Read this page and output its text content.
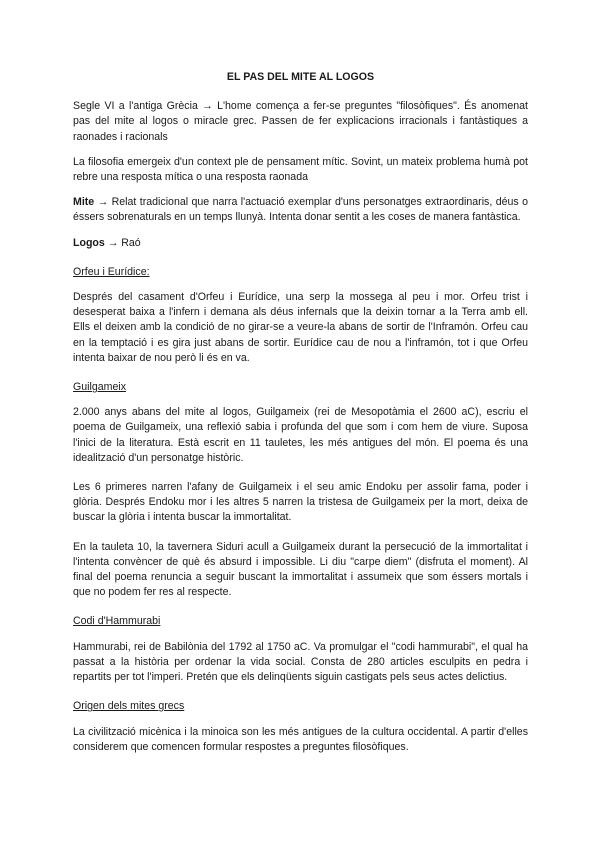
EL PAS DEL MITE AL LOGOS

Segle VI a l'antiga Grècia → L'home comença a fer-se preguntes "filosòfiques". És anomenat pas del mite al logos o miracle grec. Passen de fer explicacions irracionals i fantàstiques a raonades i racionals

La filosofia emergeix d'un context ple de pensament mític. Sovint, un mateix problema humà pot rebre una resposta mítica o una resposta raonada

Mite → Relat tradicional que narra l'actuació exemplar d'uns personatges extraordinaris, déus o éssers sobrenaturals en un temps llunyà. Intenta donar sentit a les coses de manera fantàstica.

Logos → Raó

Orfeu i Eurídice:

Després del casament d'Orfeu i Eurídice, una serp la mossega al peu i mor. Orfeu trist i desesperat baixa a l'infern i demana als déus infernals que la deixin tornar a la Terra amb ell. Ells el deixen amb la condició de no girar-se a veure-la abans de sortir de l'Inframón. Orfeu cau en la temptació i es gira just abans de sortir. Eurídice cau de nou a l'inframón, tot i que Orfeu intenta baixar de nou però li és en va.

Guilgameix

2.000 anys abans del mite al logos, Guilgameix (rei de Mesopotàmia el 2600 aC), escriu el poema de Guilgameix, una reflexió sabia i profunda del que som i com hem de viure. Suposa l'inici de la literatura. Està escrit en 11 tauletes, les més antigues del món. El poema és una idealització d'un personatge històric.

Les 6 primeres narren l'afany de Guilgameix i el seu amic Endoku per assolir fama, poder i glòria. Després Endoku mor i les altres 5 narren la tristesa de Guilgameix per la mort, deixa de buscar la glòria i intenta buscar la immortalitat.

En la tauleta 10, la tavernera Siduri acull a Guilgameix durant la persecució de la immortalitat i l'intenta convèncer de què és absurd i impossible. Li diu "carpe diem" (disfruta el moment). Al final del poema renuncia a seguir buscant la immortalitat i assumeix que som éssers mortals i que no podem fer res al respecte.

Codi d'Hammurabi

Hammurabi, rei de Babilònia del 1792 al 1750 aC. Va promulgar el "codi hammurabi", el qual ha passat a la història per ordenar la vida social. Consta de 280 articles esculpits en pedra i repartits per tot l'imperi. Pretén que els delinqüents siguin castigats pels seus actes delictius.

Origen dels mites grecs

La civilització micènica i la minoica son les més antigues de la cultura occidental. A partir d'elles considerem que comencen formular respostes a preguntes filosòfiques.
